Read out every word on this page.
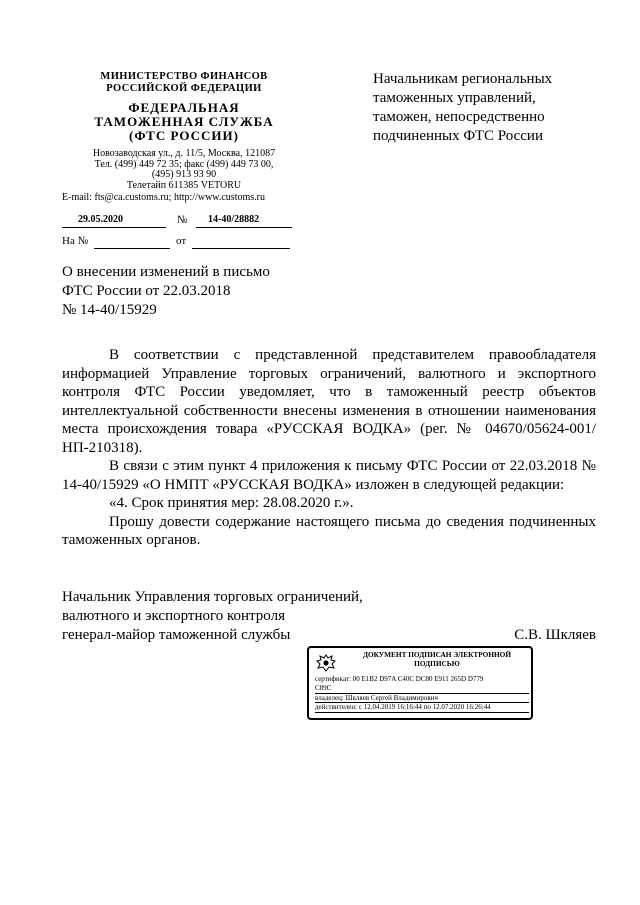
МИНИСТЕРСТВО ФИНАНСОВ
РОССИЙСКОЙ ФЕДЕРАЦИИ
ФЕДЕРАЛЬНАЯ
ТАМОЖЕННАЯ СЛУЖБА
(ФТС РОССИИ)
Новозаводская ул., д. 11/5, Москва, 121087
Тел. (499) 449 72 35; факс (499) 449 73 00,
(495) 913 93 90
Телетайп 611385 VETORU
E-mail: fts@ca.customs.ru; http://www.customs.ru
29.05.2020	№ 14-40/28882
На №	от
Начальникам региональных
таможенных управлений,
таможен, непосредственно
подчиненных ФТС России
О внесении изменений в письмо
ФТС России от 22.03.2018
№ 14-40/15929

В соответствии с представленной представителем правообладателя информацией Управление торговых ограничений, валютного и экспортного контроля ФТС России уведомляет, что в таможенный реестр объектов интеллектуальной собственности внесены изменения в отношении наименования места происхождения товара «РУССКАЯ ВОДКА» (рег. № 04670/05624-001/ НП-210318).

В связи с этим пункт 4 приложения к письму ФТС России от 22.03.2018 № 14-40/15929 «О НМПТ «РУССКАЯ ВОДКА» изложен в следующей редакции:

«4. Срок принятия мер: 28.08.2020 г.».

Прошу довести содержание настоящего письма до сведения подчиненных таможенных органов.

Начальник Управления торговых ограничений,
валютного и экспортного контроля
генерал-майор таможенной службы	С.В. Шкляев
ДОКУМЕНТ ПОДПИСАН ЭЛЕКТРОННОЙ
ПОДПИСЬЮ
сертификат: 00 E1B2 D97A C40C DC80 E911 265D D779
C89C
владелец: Шкляев Сергей Владимирович
действителен: с 12.04.2019 16:16:44 по 12.07.2020 16:26:44
